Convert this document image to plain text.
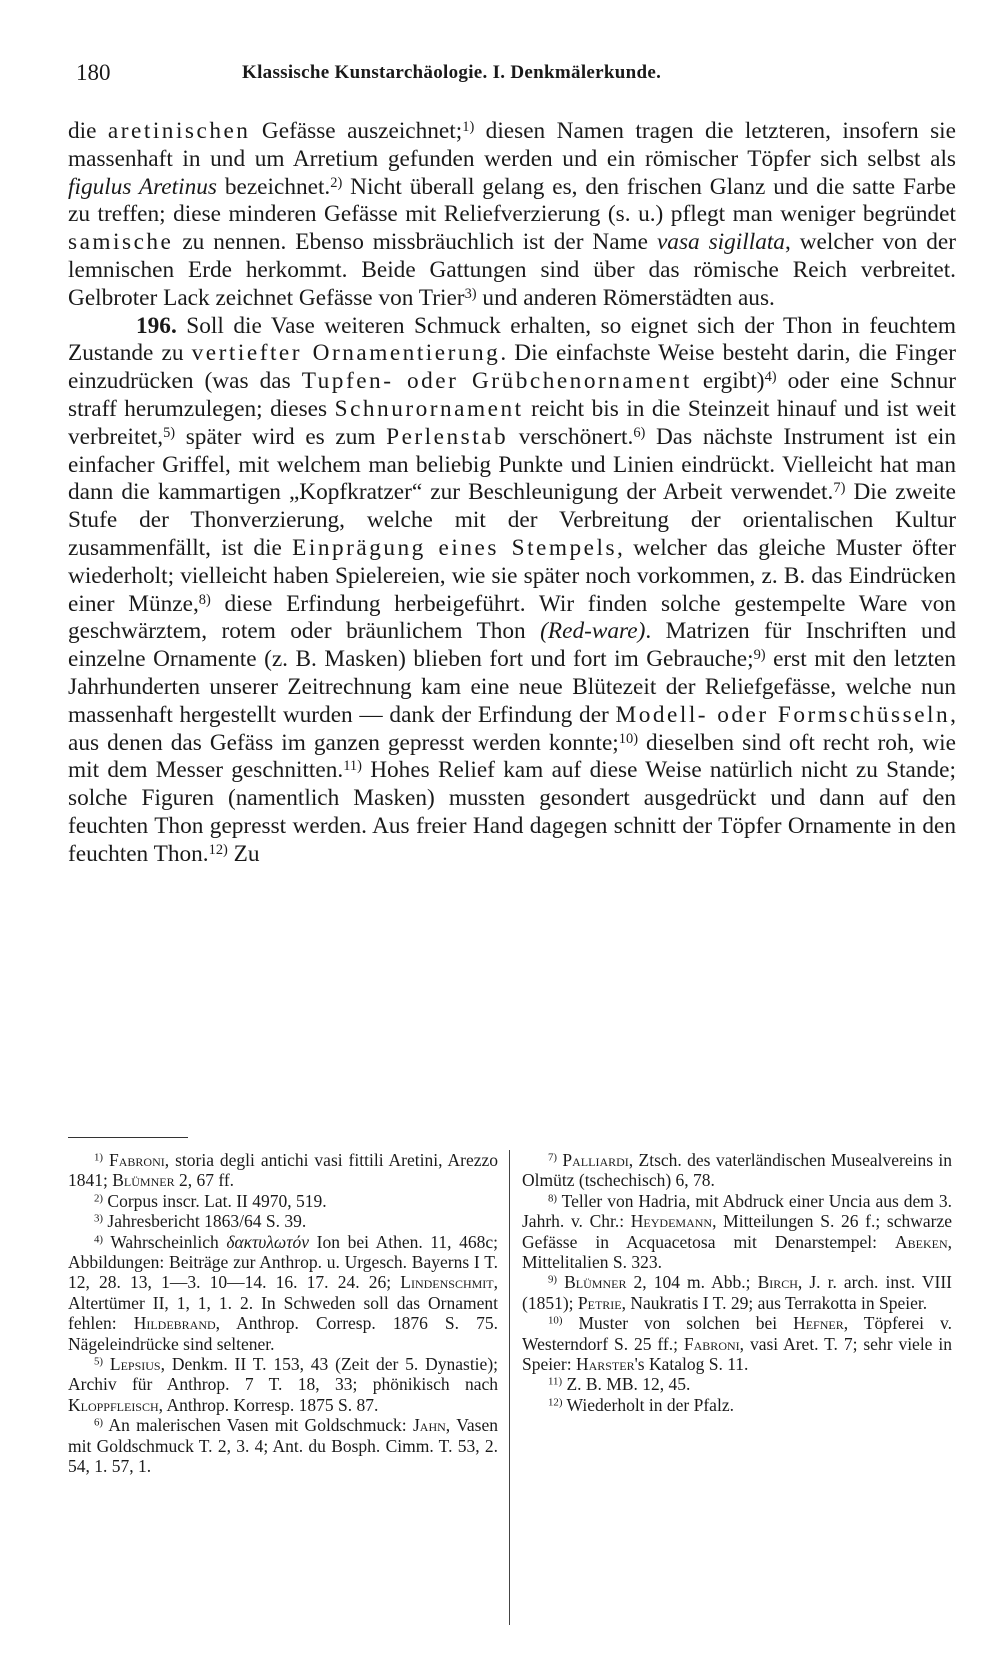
180	Klassische Kunstarchäologie. I. Denkmälerkunde.

die aretinischen Gefässe auszeichnet;$^{1)}$ diesen Namen tragen die letzteren, insofern sie massenhaft in und um Arretium gefunden werden und ein römischer Töpfer sich selbst als figulus Aretinus bezeichnet.$^{2)}$ Nicht überall gelang es, den frischen Glanz und die satte Farbe zu treffen; diese minderen Gefässe mit Reliefverzierung (s. u.) pflegt man weniger begründet samische zu nennen. Ebenso missbräuchlich ist der Name vasa sigillata, welcher von der lemnischen Erde herkommt. Beide Gattungen sind über das römische Reich verbreitet. Gelbroter Lack zeichnet Gefässe von Trier$^{3)}$ und anderen Römerstädten aus.

196. Soll die Vase weiteren Schmuck erhalten, so eignet sich der Thon in feuchtem Zustande zu vertiefter Ornamentierung. Die einfachste Weise besteht darin, die Finger einzudrücken (was das Tupfen- oder Grübchenornament ergibt)$^{4)}$ oder eine Schnur straff herumzulegen; dieses Schnurornament reicht bis in die Steinzeit hinauf und ist weit verbreitet,$^{5)}$ später wird es zum Perlenstab verschönert.$^{6)}$ Das nächste Instrument ist ein einfacher Griffel, mit welchem man beliebig Punkte und Linien eindrückt. Vielleicht hat man dann die kammartigen „Kopfkratzer“ zur Beschleunigung der Arbeit verwendet.$^{7)}$ Die zweite Stufe der Thonverzierung, welche mit der Verbreitung der orientalischen Kultur zusammenfällt, ist die Einprägung eines Stempels, welcher das gleiche Muster öfter wiederholt; vielleicht haben Spielereien, wie sie später noch vorkommen, z. B. das Eindrücken einer Münze,$^{8)}$ diese Erfindung herbeigeführt. Wir finden solche gestempelte Ware von geschwärztem, rotem oder bräunlichem Thon (Red-ware). Matrizen für Inschriften und einzelne Ornamente (z. B. Masken) blieben fort und fort im Gebrauche;$^{9)}$ erst mit den letzten Jahrhunderten unserer Zeitrechnung kam eine neue Blütezeit der Reliefgefässe, welche nun massenhaft hergestellt wurden — dank der Erfindung der Modell- oder Formschüsseln, aus denen das Gefäss im ganzen gepresst werden konnte;$^{10)}$ dieselben sind oft recht roh, wie mit dem Messer geschnitten.$^{11)}$ Hohes Relief kam auf diese Weise natürlich nicht zu Stande; solche Figuren (namentlich Masken) mussten gesondert ausgedrückt und dann auf den feuchten Thon gepresst werden. Aus freier Hand dagegen schnitt der Töpfer Ornamente in den feuchten Thon.$^{12)}$ Zu

$^{1)}$ Fabroni, storia degli antichi vasi fittili Aretini, Arezzo 1841; Blümner 2, 67 ff.

$^{2)}$ Corpus inscr. Lat. II 4970, 519.

$^{3)}$ Jahresbericht 1863/64 S. 39.

$^{4)}$ Wahrscheinlich δακτυλωτόν Ion bei Athen. 11, 468c; Abbildungen: Beiträge zur Anthrop. u. Urgesch. Bayerns I T. 12, 28. 13, 1—3. 10—14. 16. 17. 24. 26; Lindenschmit, Altertümer II, 1, 1, 1. 2. In Schweden soll das Ornament fehlen: Hildebrand, Anthrop. Corresp. 1876 S. 75. Nägeleindrücke sind seltener.

$^{5)}$ Lepsius, Denkm. II T. 153, 43 (Zeit der 5. Dynastie); Archiv für Anthrop. 7 T. 18, 33; phönikisch nach Kloppfleisch, Anthrop. Korresp. 1875 S. 87.

$^{6)}$ An malerischen Vasen mit Goldschmuck: Jahn, Vasen mit Goldschmuck T. 2, 3. 4; Ant. du Bosph. Cimm. T. 53, 2. 54, 1. 57, 1.

$^{7)}$ Palliardi, Ztsch. des vaterländischen Musealvereins in Olmütz (tschechisch) 6, 78.

$^{8)}$ Teller von Hadria, mit Abdruck einer Uncia aus dem 3. Jahrh. v. Chr.: Heydemann, Mitteilungen S. 26 f.; schwarze Gefässe in Acquacetosa mit Denarstempel: Abeken, Mittelitalien S. 323.

$^{9)}$ Blümner 2, 104 m. Abb.; Birch, J. r. arch. inst. VIII (1851); Petrie, Naukratis I T. 29; aus Terrakotta in Speier.

$^{10)}$ Muster von solchen bei Hefner, Töpferei v. Westerndorf S. 25 ff.; Fabroni, vasi Aret. T. 7; sehr viele in Speier: Harster's Katalog S. 11.

$^{11)}$ Z. B. MB. 12, 45.

$^{12)}$ Wiederholt in der Pfalz.
